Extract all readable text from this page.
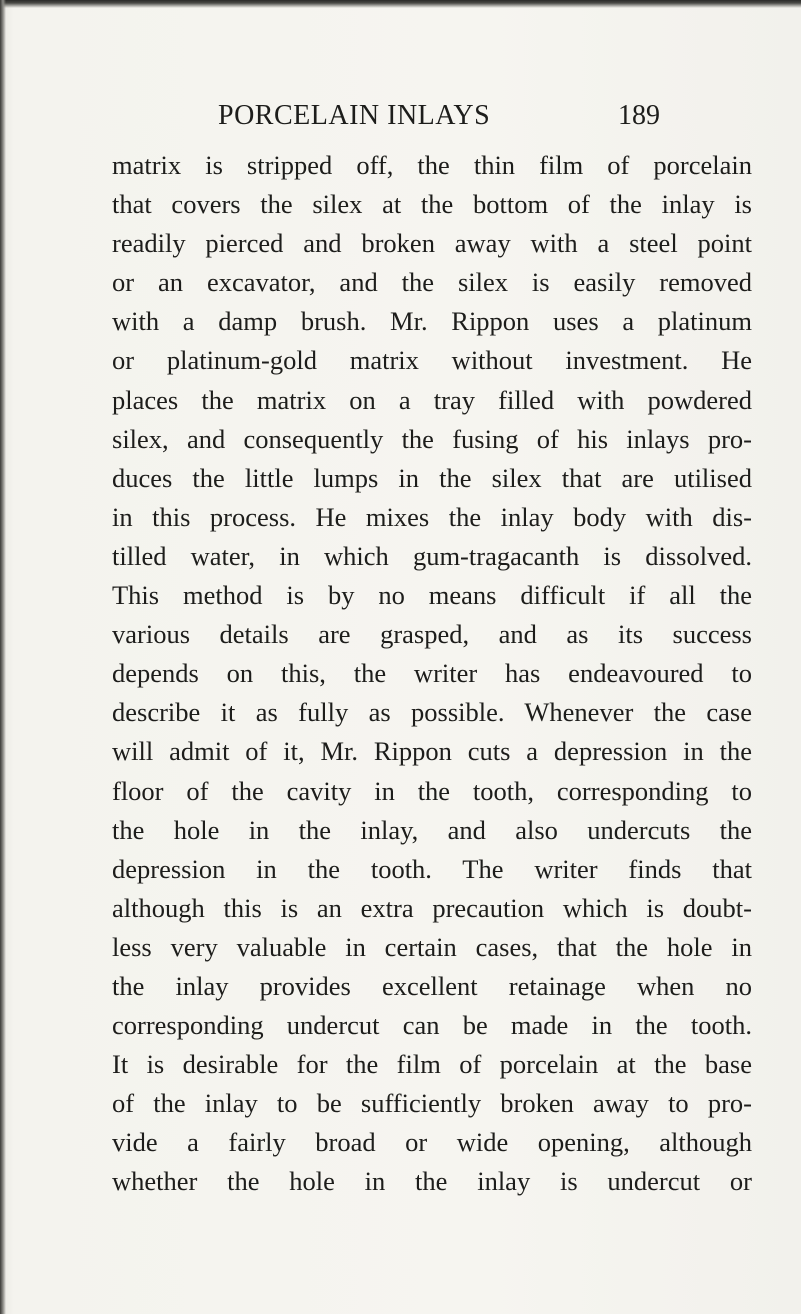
PORCELAIN INLAYS	189
matrix is stripped off, the thin film of porcelain
that covers the silex at the bottom of the inlay is
readily pierced and broken away with a steel point
or an excavator, and the silex is easily removed
with a damp brush. Mr. Rippon uses a platinum
or platinum-gold matrix without investment. He
places the matrix on a tray filled with powdered
silex, and consequently the fusing of his inlays pro-
duces the little lumps in the silex that are utilised
in this process. He mixes the inlay body with dis-
tilled water, in which gum-tragacanth is dissolved.
This method is by no means difficult if all the
various details are grasped, and as its success
depends on this, the writer has endeavoured to
describe it as fully as possible. Whenever the case
will admit of it, Mr. Rippon cuts a depression in the
floor of the cavity in the tooth, corresponding to
the hole in the inlay, and also undercuts the
depression in the tooth. The writer finds that
although this is an extra precaution which is doubt-
less very valuable in certain cases, that the hole in
the inlay provides excellent retainage when no
corresponding undercut can be made in the tooth.
It is desirable for the film of porcelain at the base
of the inlay to be sufficiently broken away to pro-
vide a fairly broad or wide opening, although
whether the hole in the inlay is undercut or
